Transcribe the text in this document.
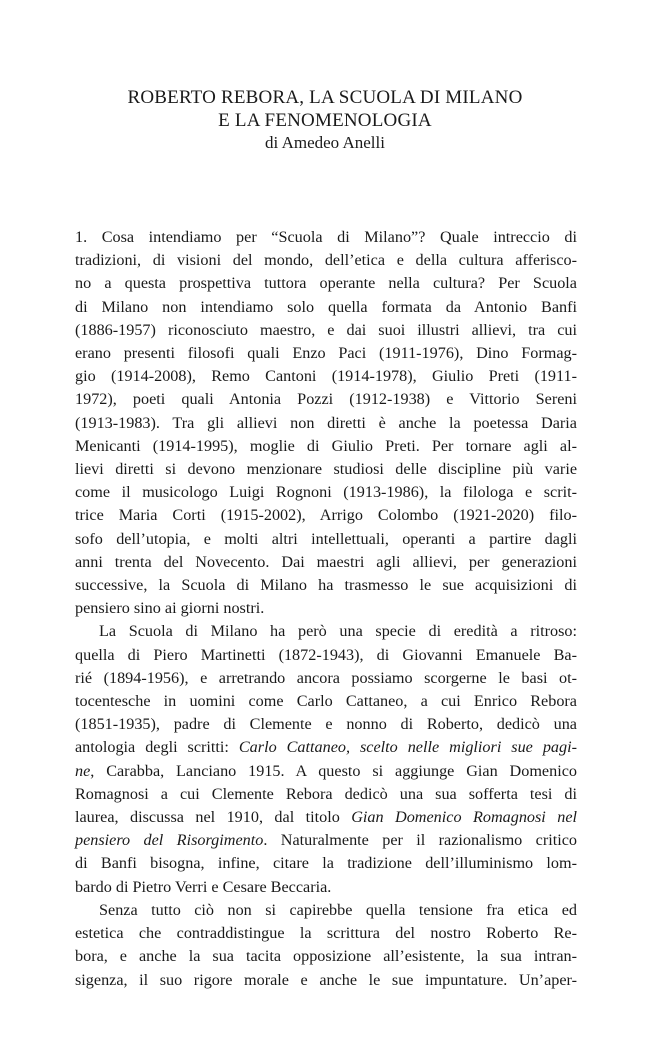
ROBERTO REBORA, LA SCUOLA DI MILANO
E LA FENOMENOLOGIA
di Amedeo Anelli

1. Cosa intendiamo per “Scuola di Milano”? Quale intreccio di
tradizioni, di visioni del mondo, dell’etica e della cultura afferisco-
no a questa prospettiva tuttora operante nella cultura? Per Scuola
di Milano non intendiamo solo quella formata da Antonio Banfi
(1886-1957) riconosciuto maestro, e dai suoi illustri allievi, tra cui
erano presenti filosofi quali Enzo Paci (1911-1976), Dino Formag-
gio (1914-2008), Remo Cantoni (1914-1978), Giulio Preti (1911-
1972), poeti quali Antonia Pozzi (1912-1938) e Vittorio Sereni
(1913-1983). Tra gli allievi non diretti è anche la poetessa Daria
Menicanti (1914-1995), moglie di Giulio Preti. Per tornare agli al-
lievi diretti si devono menzionare studiosi delle discipline più varie
come il musicologo Luigi Rognoni (1913-1986), la filologa e scrit-
trice Maria Corti (1915-2002), Arrigo Colombo (1921-2020) filo-
sofo dell’utopia, e molti altri intellettuali, operanti a partire dagli
anni trenta del Novecento. Dai maestri agli allievi, per generazioni
successive, la Scuola di Milano ha trasmesso le sue acquisizioni di
pensiero sino ai giorni nostri.

La Scuola di Milano ha però una specie di eredità a ritroso:
quella di Piero Martinetti (1872-1943), di Giovanni Emanuele Ba-
rié (1894-1956), e arretrando ancora possiamo scorgerne le basi ot-
tocentesche in uomini come Carlo Cattaneo, a cui Enrico Rebora
(1851-1935), padre di Clemente e nonno di Roberto, dedicò una
antologia degli scritti: Carlo Cattaneo, scelto nelle migliori sue pagi-
ne, Carabba, Lanciano 1915. A questo si aggiunge Gian Domenico
Romagnosi a cui Clemente Rebora dedicò una sua sofferta tesi di
laurea, discussa nel 1910, dal titolo Gian Domenico Romagnosi nel
pensiero del Risorgimento. Naturalmente per il razionalismo critico
di Banfi bisogna, infine, citare la tradizione dell’illuminismo lom-
bardo di Pietro Verri e Cesare Beccaria.

Senza tutto ciò non si capirebbe quella tensione fra etica ed
estetica che contraddistingue la scrittura del nostro Roberto Re-
bora, e anche la sua tacita opposizione all’esistente, la sua intran-
sigenza, il suo rigore morale e anche le sue impuntature. Un’aper-
